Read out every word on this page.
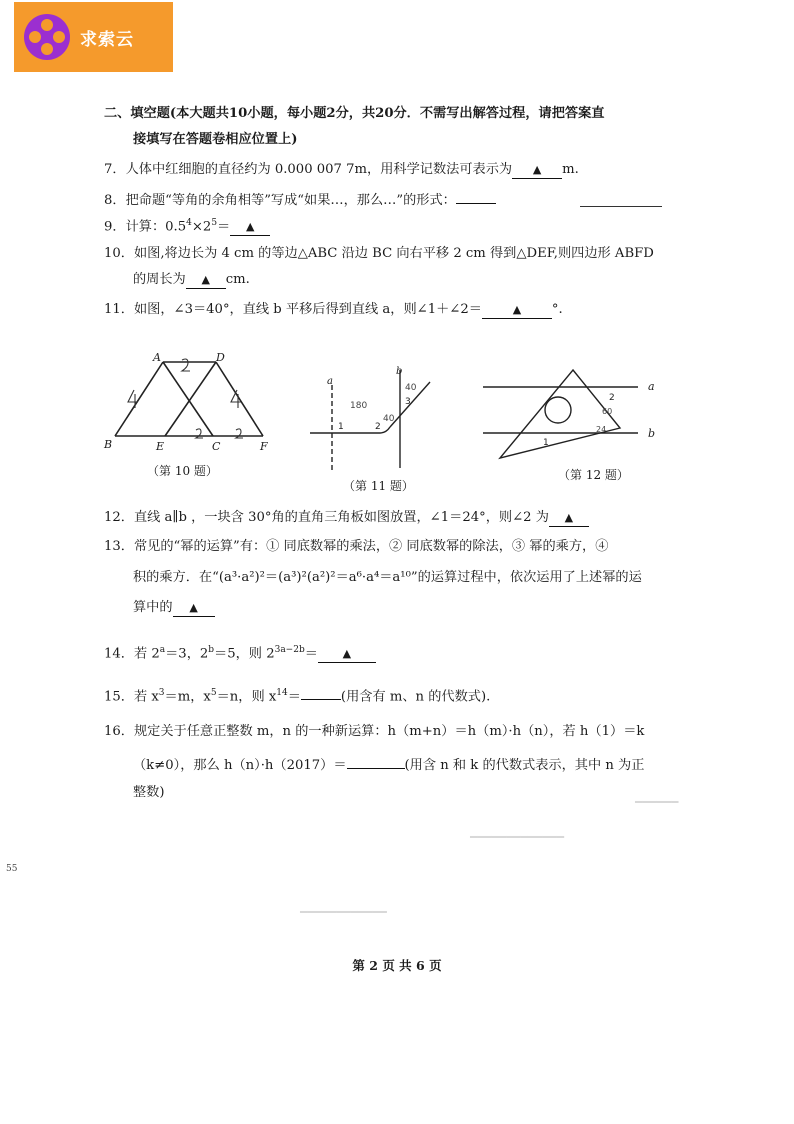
求索云
二、填空题(本大题共10小题，每小题2分，共20分．不需写出解答过程，请把答案直
接填写在答题卷相应位置上)
7．人体中红细胞的直径约为 0.000 007 7m，用科学记数法可表示为 ▲ m.
8．把命题“等角的余角相等”写成“如果…，那么…”的形式：
9．计算：$0.5^4\times 2^5=$ ▲
10．如图,将边长为 4 cm 的等边△ABC 沿边 BC 向右平移 2 cm 得到△DEF,则四边形 ABFD
的周长为 ▲ cm.
11．如图，∠3＝40°，直线 b 平移后得到直线 a，则∠1＋∠2＝	▲ °.
A	D
B	E	C	F
（第 10 题）
a
b
1	2
3
180
40
40
（第 11 题）
a
b
1
2
60
24
（第 12 题）
12．直线 a∥b ，一块含 30°角的直角三角板如图放置，∠1＝24°，则∠2 为 ▲
13．常见的“幂的运算”有：① 同底数幂的乘法，② 同底数幂的除法，③ 幂的乘方，④
积的乘方．在“(a³·a²)²＝(a³)²(a²)²＝a⁶·a⁴＝a¹⁰”的运算过程中，依次运用了上述幂的运
算中的 ▲
14．若 $2^a=3$，$2^b=5$，则 $2^{3a-2b}=$ ▲
15．若 $x^3=m$，$x^5=n$，则 $x^{14}=$	(用含有 m、n 的代数式).
16．规定关于任意正整数 m，n 的一种新运算：h（m+n）＝h（m）·h（n），若 h（1）＝k
（k≠0），那么 h（n）·h（2017）＝	(用含 n 和 k 的代数式表示，其中 n 为正
整数)
━━━━━━
━━━━━━━━━━━━━
━━━━━━━━━━━━
55
第 2 页 共 6 页
